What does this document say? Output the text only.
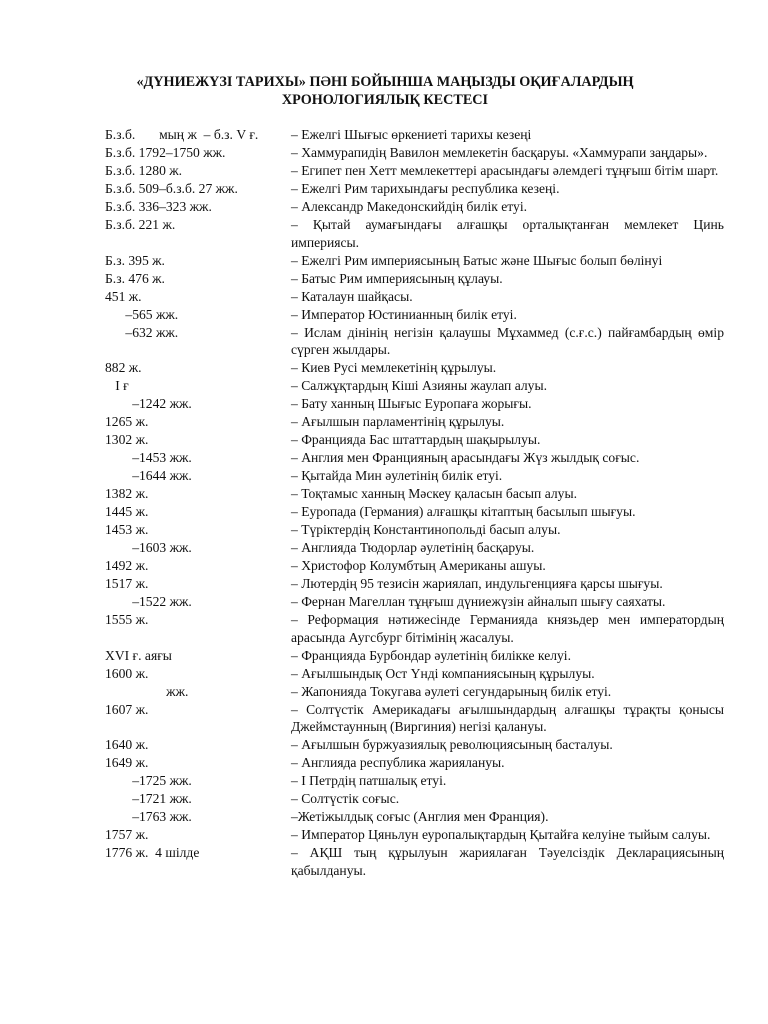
«ДҮНИЕЖҮЗІ ТАРИХЫ» ПӘНІ БОЙЫНША МАҢЫЗДЫ ОҚИҒАЛАРДЫҢ
ХРОНОЛОГИЯЛЫҚ КЕСТЕСІ
Б.з.б.       мың ж  – б.з. V ғ.	– Ежелгі Шығыс өркениеті тарихы кезеңі
Б.з.б. 1792–1750 жж.	– Хаммурапидің Вавилон мемлекетін басқаруы. «Хаммурапи заңдары».
Б.з.б. 1280 ж.	– Египет пен Хетт мемлекеттері арасындағы әлемдегі тұңғыш бітім шарт.
Б.з.б. 509–б.з.б. 27 жж.	– Ежелгі Рим тарихындағы республика кезеңі.
Б.з.б. 336–323 жж.	– Александр Македонскийдің билік етуі.
Б.з.б. 221 ж.	– Қытай аумағындағы алғашқы орталықтанған мемлекет Цинь империясы.
Б.з. 395 ж.	– Ежелгі Рим империясының Батыс және Шығыс болып бөлінуі
Б.з. 476 ж.	– Батыс Рим империясының құлауы.
451 ж.	– Каталаун шайқасы.
–565 жж.	– Император Юстинианның билік етуі.
–632 жж.	– Ислам дінінің негізін қалаушы Мұхаммед (с.ғ.с.) пайғамбардың өмір сүрген жылдары.
882 ж.	– Киев Русі мемлекетінің құрылуы.
I ғ	– Салжұқтардың Кіші Азияны жаулап алуы.
–1242 жж.	– Бату ханның Шығыс Еуропаға жорығы.
1265 ж.	– Ағылшын парламентінің құрылуы.
1302 ж.	– Францияда Бас штаттардың шақырылуы.
–1453 жж.	– Англия мен Францияның арасындағы Жүз жылдық соғыс.
–1644 жж.	– Қытайда Мин әулетінің билік етуі.
1382 ж.	– Тоқтамыс ханның Мәскеу қаласын басып алуы.
1445 ж.	– Еуропада (Германия) алғашқы кітаптың басылып шығуы.
1453 ж.	– Түріктердің Константинопольді басып алуы.
–1603 жж.	– Англияда Тюдорлар әулетінің басқаруы.
1492 ж.	– Христофор Колумбтың Американы ашуы.
1517 ж.	– Лютердің 95 тезисін жариялап, индульгенцияға қарсы шығуы.
–1522 жж.	– Фернан Магеллан тұңғыш дүниежүзін айналып шығу саяхаты.
1555 ж.	– Реформация нәтижесінде Германияда князьдер мен императордың арасында Аугсбург бітімінің жасалуы.
XVI ғ. аяғы	– Францияда Бурбондар әулетінің билікке келуі.
1600 ж.	– Ағылшындық Ост Үнді компаниясының құрылуы.
жж.	– Жапонияда Токугава әулеті сегундарының билік етуі.
1607 ж.	– Солтүстік Америкадағы ағылшындардың алғашқы тұрақты қонысы Джеймстаунның (Виргиния) негізі қалануы.
1640 ж.	– Ағылшын буржуазиялық революциясының басталуы.
1649 ж.	– Англияда республика жариялануы.
–1725 жж.	– I Петрдің патшалық етуі.
–1721 жж.	– Солтүстік соғыс.
–1763 жж.	–Жетіжылдық соғыс (Англия мен Франция).
1757 ж.	– Император Цяньлун еуропалықтардың Қытайға келуіне тыйым салуы.
1776 ж.  4 шілде	– АҚШ тың құрылуын жариялаған Тәуелсіздік Декларациясының қабылдануы.
